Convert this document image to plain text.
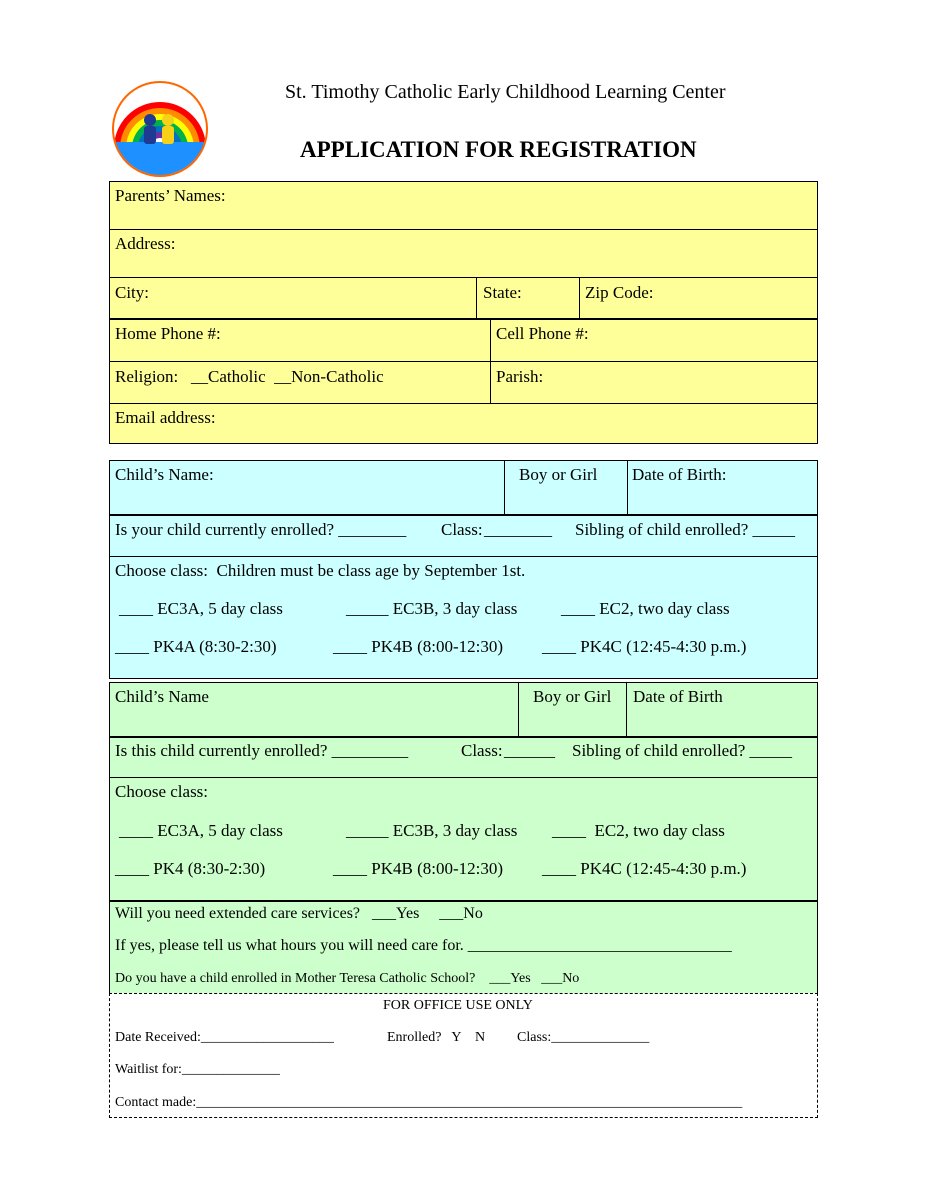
St. Timothy Catholic Early Childhood Learning Center
APPLICATION FOR REGISTRATION
Parents’ Names:
Address:
City:	State:	Zip Code:
Home Phone #:	Cell Phone #:
Religion:   __Catholic  __Non-Catholic	Parish:
Email address:
Child’s Name:	Boy or Girl Date of Birth:
Is your child currently enrolled? ________ Class: ________ Sibling of child enrolled? _____
Choose class:  Children must be class age by September 1st.
____ EC3A, 5 day class	_____ EC3B, 3 day class	____ EC2, two day class
____ PK4A (8:30-2:30)	____ PK4B (8:00-12:30) ____ PK4C (12:45-4:30 p.m.)
Child’s Name	Boy or Girl Date of Birth
Is this child currently enrolled? _________	Class: ______ Sibling of child enrolled? _____
Choose class:
____ EC3A, 5 day class	_____ EC3B, 3 day class ____  EC2, two day class
____ PK4 (8:30-2:30)	____ PK4B (8:00-12:30) ____ PK4C (12:45-4:30 p.m.)
Will you need extended care services?   ___Yes     ___No
If yes, please tell us what hours you will need care for. _________________________________
Do you have a child enrolled in Mother Teresa Catholic School?    ___Yes   ___No
FOR OFFICE USE ONLY
Date Received:___________________	Enrolled?   Y    N Class:______________
Waitlist for:______________
Contact made:______________________________________________________________________________
